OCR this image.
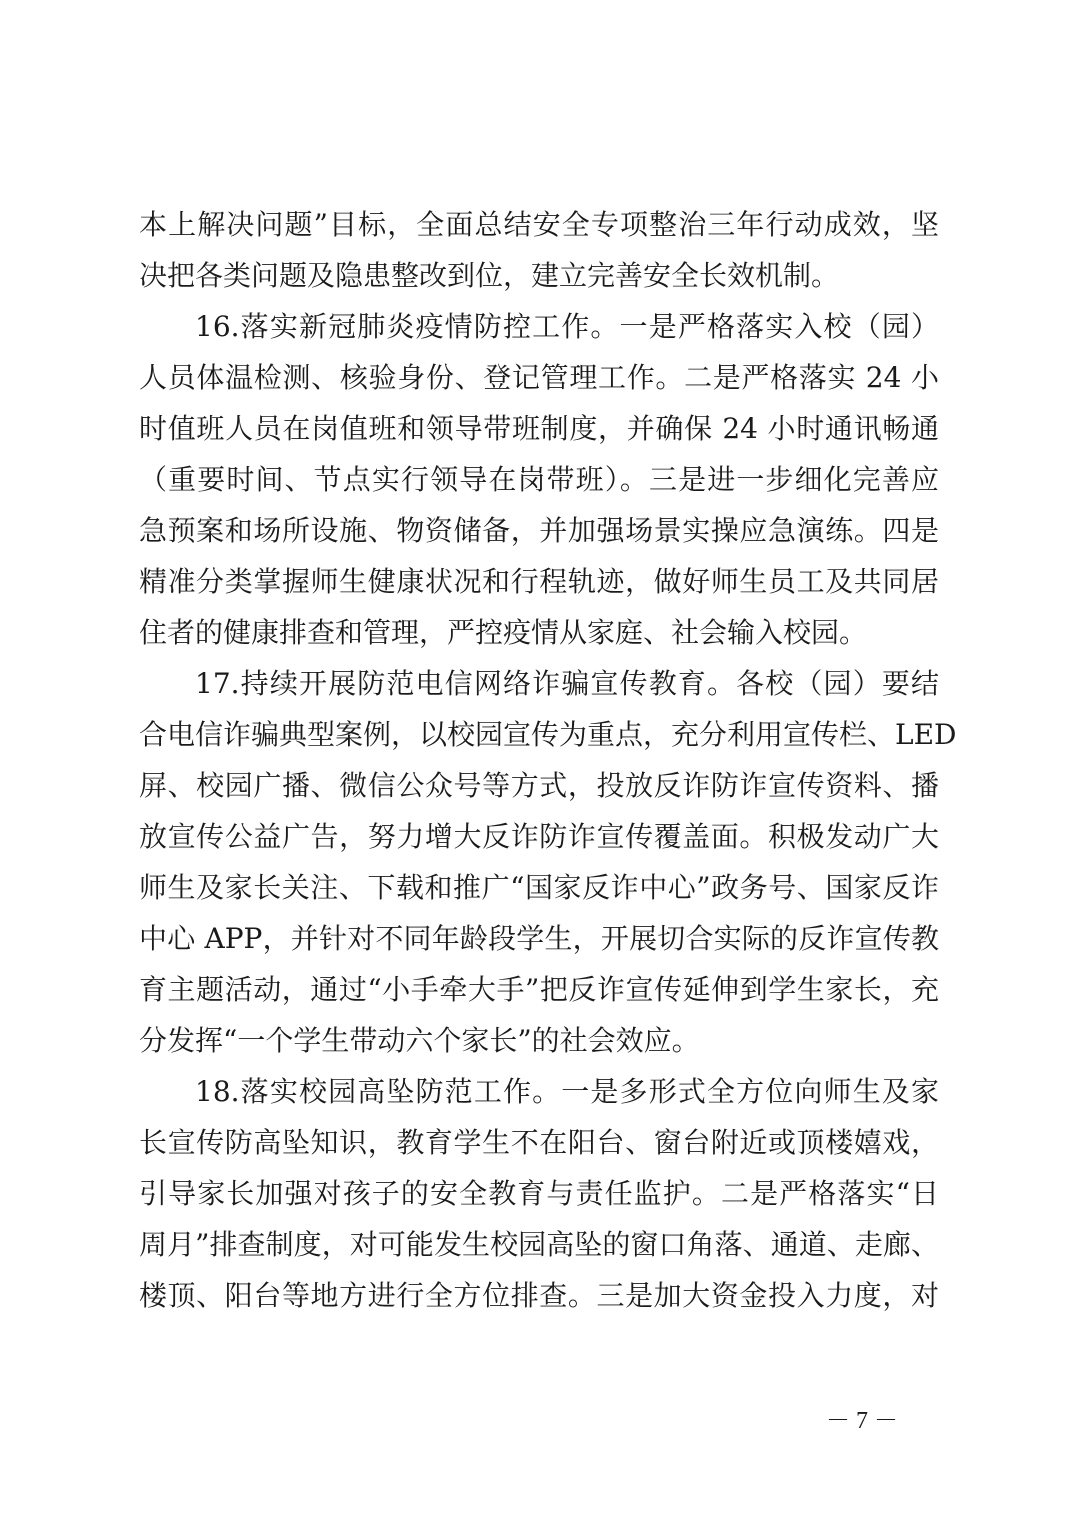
本上解决问题”目标，全面总结安全专项整治三年行动成效，坚
决把各类问题及隐患整改到位，建立完善安全长效机制。
16.落实新冠肺炎疫情防控工作。一是严格落实入校（园）
人员体温检测、核验身份、登记管理工作。二是严格落实 24 小
时值班人员在岗值班和领导带班制度，并确保 24 小时通讯畅通
（重要时间、节点实行领导在岗带班）。三是进一步细化完善应
急预案和场所设施、物资储备，并加强场景实操应急演练。四是
精准分类掌握师生健康状况和行程轨迹，做好师生员工及共同居
住者的健康排查和管理，严控疫情从家庭、社会输入校园。
17.持续开展防范电信网络诈骗宣传教育。各校（园）要结
合电信诈骗典型案例，以校园宣传为重点，充分利用宣传栏、LED
屏、校园广播、微信公众号等方式，投放反诈防诈宣传资料、播
放宣传公益广告，努力增大反诈防诈宣传覆盖面。积极发动广大
师生及家长关注、下载和推广“国家反诈中心”政务号、国家反诈
中心 APP，并针对不同年龄段学生，开展切合实际的反诈宣传教
育主题活动，通过“小手牵大手”把反诈宣传延伸到学生家长，充
分发挥“一个学生带动六个家长”的社会效应。
18.落实校园高坠防范工作。一是多形式全方位向师生及家
长宣传防高坠知识，教育学生不在阳台、窗台附近或顶楼嬉戏，
引导家长加强对孩子的安全教育与责任监护。二是严格落实“日
周月”排查制度，对可能发生校园高坠的窗口角落、通道、走廊、
楼顶、阳台等地方进行全方位排查。三是加大资金投入力度，对
－ 7 －
